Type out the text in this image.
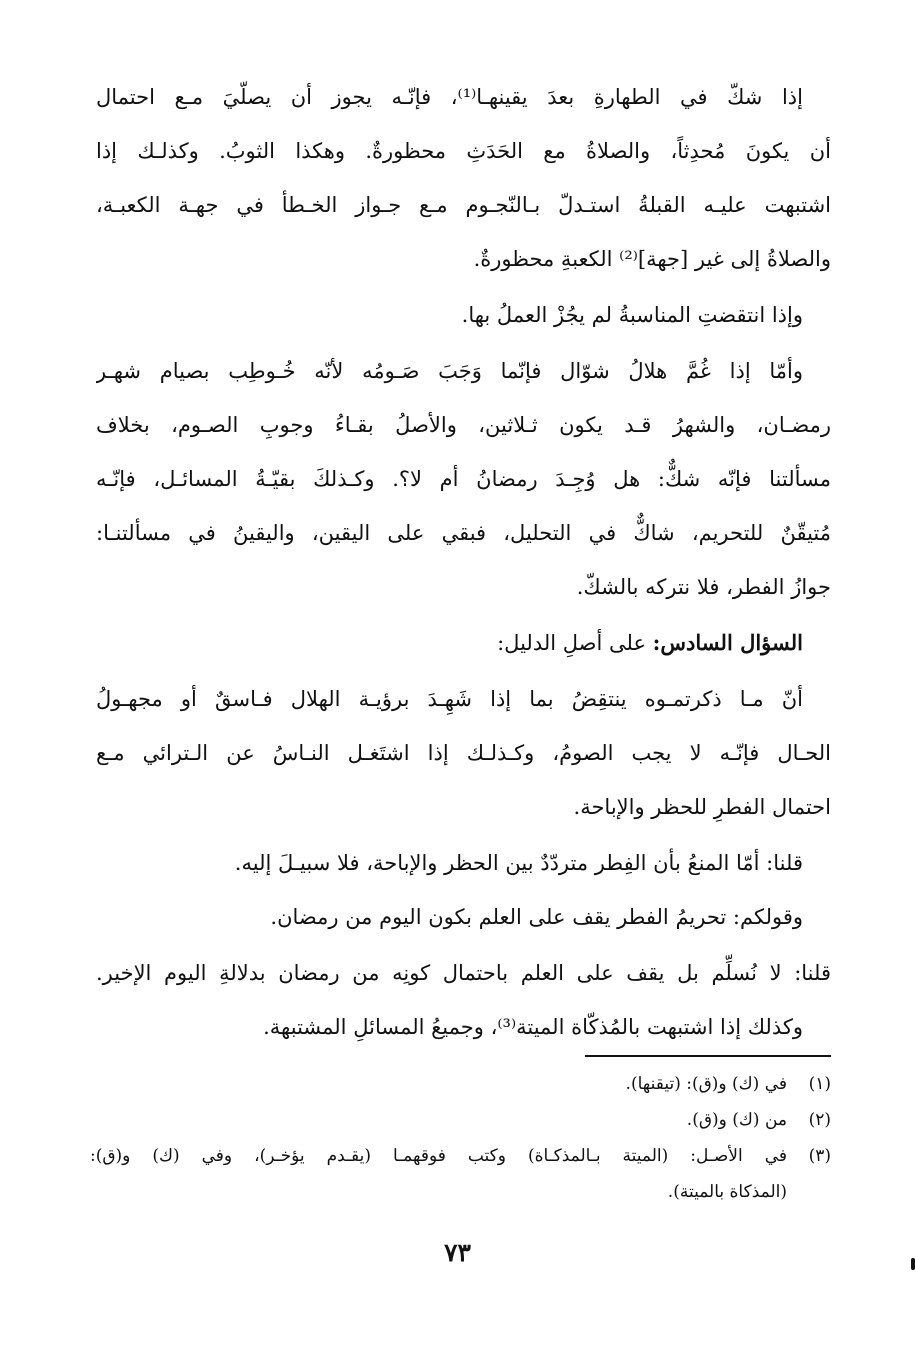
إذا شكّ في الطهارةِ بعدَ يقينهـا⁽¹⁾، فإنّـه يجوز أن يصلّيَ مـع احتمال
أن يكونَ مُحدِثاً، والصلاةُ مع الحَدَثِ محظورةٌ. وهكذا الثوبُ. وكذلـك إذا
اشتبهت عليـه القبلةُ استـدلّ بـالنّجـوم مـع جـواز الخـطأ في جهـة الكعبـة،
والصلاةُ إلى غير [جهة]⁽²⁾ الكعبةِ محظورةٌ.
وإذا انتقضتِ المناسبةُ لم يجُزْ العملُ بها.
وأمّا إذا غُمَّ هلالُ شوّال فإنّما وَجَبَ صَـومُه لأنّه خُـوطِب بصيام شهـر
رمضـان، والشهرُ قـد يكون ثـلاثين، والأصلُ بقـاءُ وجوبِ الصـوم، بخلاف
مسألتنا فإنّه شكٌّ: هل وُجِـدَ رمضانُ أم لا؟. وكـذلكَ بقيّـةُ المسائـل، فإنّـه
مُتيقّنٌ للتحريم، شاكٌّ في التحليل، فبقي على اليقين، واليقينُ في مسألتنـا:
جوازُ الفطر، فلا نتركه بالشكّ.
السؤال السادس: على أصلِ الدليل:
أنّ مـا ذكرتمـوه ينتقِضُ بما إذا شَهِـدَ برؤيـة الهلال فـاسقٌ أو مجهـولُ
الحـال فإنّـه لا يجب الصومُ، وكـذلـك إذا اشتَغـل النـاسُ عن الـترائي مـع
احتمال الفطرِ للحظر والإباحة.
قلنا: أمّا المنعُ بأن الفِطر متردّدٌ بين الحظر والإباحة، فلا سبيـلَ إليه.
وقولكم: تحريمُ الفطر يقف على العلم بكون اليوم من رمضان.
قلنا: لا نُسلِّم بل يقف على العلم باحتمال كونِه من رمضان بدلالةِ اليوم الإخير.
وكذلك إذا اشتبهت بالمُذكّاة الميتة⁽³⁾، وجميعُ المسائلِ المشتبهة.
(١)في (ك) و(ق): (تيقنها).
(٢)من (ك) و(ق).
(٣)في الأصـل: (الميتة بـالمذكـاة) وكتب فوقهمـا (يقـدم يؤخـر)، وفي (ك) و(ق):
(المذكاة بالميتة).
٧٣
